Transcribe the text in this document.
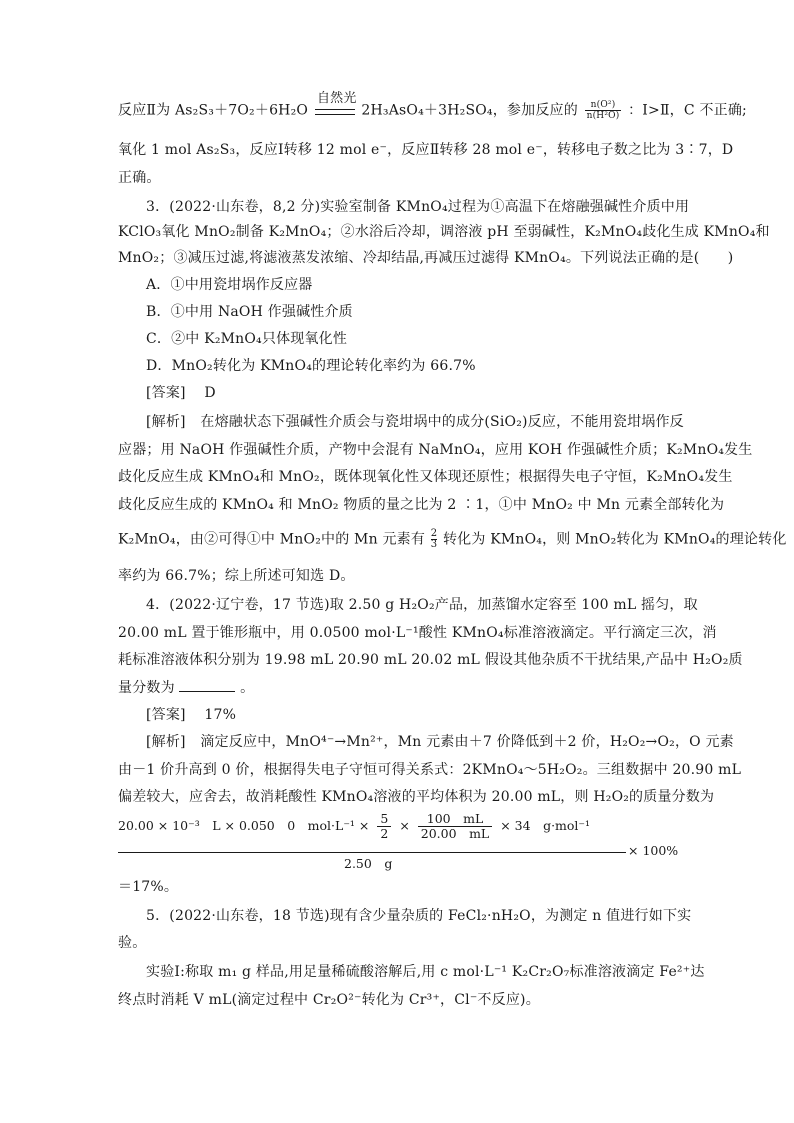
反应Ⅱ为 As₂S₃＋7O₂＋6H₂O
自然光
2H₃AsO₄＋3H₂SO₄，参加反应的 $\frac{\text{n(O²)}}{\text{n(H²O)}}$ ：Ⅰ>Ⅱ，C 不正确;
氧化 1 mol As₂S₃，反应Ⅰ转移 12 mol e⁻，反应Ⅱ转移 28 mol e⁻，转移电子数之比为 3∶7，D
正确。
3．(2022·山东卷，8,2 分)实验室制备 KMnO₄过程为①高温下在熔融强碱性介质中用
KClO₃氧化 MnO₂制备 K₂MnO₄；②水浴后冷却，调溶液 pH 至弱碱性，K₂MnO₄歧化生成 KMnO₄和
MnO₂；③减压过滤,将滤液蒸发浓缩、冷却结晶,再减压过滤得 KMnO₄。下列说法正确的是(　　)
A．①中用瓷坩埚作反应器
B．①中用 NaOH 作强碱性介质
C．②中 K₂MnO₄只体现氧化性
D．MnO₂转化为 KMnO₄的理论转化率约为 66.7%
[答案] D
[解析] 在熔融状态下强碱性介质会与瓷坩埚中的成分(SiO₂)反应，不能用瓷坩埚作反
应器；用 NaOH 作强碱性介质，产物中会混有 NaMnO₄，应用 KOH 作强碱性介质；K₂MnO₄发生
歧化反应生成 KMnO₄和 MnO₂，既体现氧化性又体现还原性；根据得失电子守恒，K₂MnO₄发生
歧化反应生成的 KMnO₄ 和 MnO₂ 物质的量之比为 2 ∶1，①中 MnO₂ 中 Mn 元素全部转化为
K₂MnO₄，由②可得①中 MnO₂中的 Mn 元素有 $\frac{2}{3}$ 转化为 KMnO₄，则 MnO₂转化为 KMnO₄的理论转化
率约为 66.7%；综上所述可知选 D。
4．(2022·辽宁卷，17 节选)取 2.50 g H₂O₂产品，加蒸馏水定容至 100 mL 摇匀，取
20.00 mL 置于锥形瓶中，用 0.0500 mol·L⁻¹酸性 KMnO₄标准溶液滴定。平行滴定三次，消
耗标准溶液体积分别为 19.98 mL 20.90 mL 20.02 mL 假设其他杂质不干扰结果,产品中 H₂O₂质
量分数为	。
[答案] 17%
[解析] 滴定反应中，MnO⁴⁻→Mn²⁺，Mn 元素由＋7 价降低到＋2 价，H₂O₂→O₂，O 元素
由－1 价升高到 0 价，根据得失电子守恒可得关系式：2KMnO₄～5H₂O₂。三组数据中 20.90 mL
偏差较大，应舍去，故消耗酸性 KMnO₄溶液的平均体积为 20.00 mL，则 H₂O₂的质量分数为
20.00 × 10⁻³　L × 0.050　0　$mol\cdot L^{-1} \times \frac{5}{2} \times \frac{100 mL}{20.00 mL} \times 34$　g·mol⁻¹
2.50　g
× 100%
＝17%。
5．(2022·山东卷，18 节选)现有含少量杂质的 FeCl₂·nH₂O，为测定 n 值进行如下实
验。
实验Ⅰ:称取 m₁ g 样品,用足量稀硫酸溶解后,用 c mol·L⁻¹ K₂Cr₂O₇标准溶液滴定 Fe²⁺达
终点时消耗 V mL(滴定过程中 Cr₂O²⁻转化为 Cr³⁺，Cl⁻不反应)。
